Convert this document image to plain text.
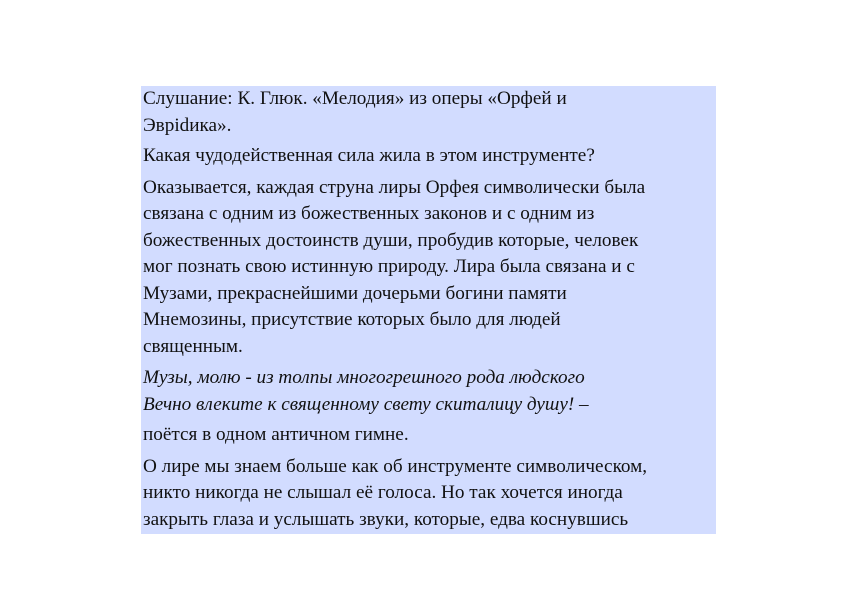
Слушание: К. Глюк. «Мелодия» из оперы «Орфей и
Эврidика».

Какая чудодейственная сила жила в этом инструменте?

Оказывается, каждая струна лиры Орфея символически была
связана с одним из божественных законов и с одним из
божественных достоинств души, пробудив которые, человек
мог познать свою истинную природу. Лира была связана и с
Музами, прекраснейшими дочерьми богини памяти
Мнемозины, присутствие которых было для людей
священным.

Музы, молю - из толпы многогрешного рода людского
Вечно влеките к священному свету скиталицу душу! –

поётся в одном античном гимне.

О лире мы знаем больше как об инструменте символическом,
никто никогда не слышал её голоса. Но так хочется иногда
закрыть глаза и услышать звуки, которые, едва коснувшись
